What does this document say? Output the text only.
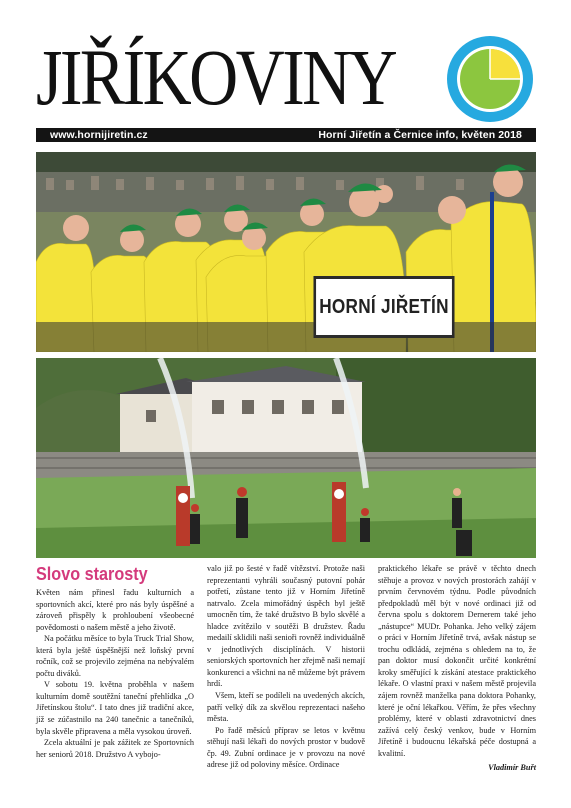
JIŘÍKOVINY
www.hornijiretin.cz	Horní Jiřetín a Černice info, květen 2018
HORNÍ JIŘETÍN
Slovo starosty

Květen nám přinesl řadu kulturních a sportovních akcí, které pro nás byly úspěšné a zároveň přispěly k prohloubení všeobecné povědomosti o našem městě a jeho životě.

Na počátku měsíce to byla Truck Trial Show, která byla ještě úspěšnější než loňský první ročník, což se projevilo zejména na nebývalém počtu diváků.

V sobotu 19. května proběhla v našem kulturním domě soutěžní taneční přehlídka „O Jiřetínskou štolu“. I tato dnes již tradiční akce, jíž se zúčastnilo na 240 tanečnic a tanečníků, byla skvěle připravena a měla vysokou úroveň.

Zcela aktuální je pak zážitek ze Sportovních her seniorů 2018. Družstvo A vybojo-

valo již po šesté v řadě vítězství. Protože naši reprezentanti vyhráli současný putovní pohár potřetí, zůstane tento již v Horním Jiřetíně natrvalo. Zcela mimořádný úspěch byl ještě umocněn tím, že také družstvo B bylo skvělé a hladce zvítězilo v soutěži B družstev. Řadu medailí sklidili naši senioři rovněž individuálně v jednotlivých disciplínách. V historii seniorských sportovních her zřejmě naši nemají konkurenci a všichni na ně můžeme být právem hrdí.

Všem, kteří se podíleli na uvedených akcích, patří velký dík za skvělou reprezentaci našeho města.

Po řadě měsíců příprav se letos v květnu stěhují naši lékaři do nových prostor v budově čp. 49. Zubní ordinace je v provozu na nové adrese již od poloviny měsíce. Ordinace

praktického lékaře se právě v těchto dnech stěhuje a provoz v nových prostorách zahájí v prvním červnovém týdnu. Podle původních předpokladů měl být v nové ordinaci již od června spolu s doktorem Dernerem také jeho „nástupce“ MUDr. Pohanka. Jeho velký zájem o práci v Horním Jiřetíně trvá, avšak nástup se trochu odkládá, zejména s ohledem na to, že pan doktor musí dokončit určité konkrétní kroky směřující k získání atestace praktického lékaře. O vlastní praxi v našem městě projevila zájem rovněž manželka pana doktora Pohanky, které je oční lékařkou. Věřím, že přes všechny problémy, které v oblasti zdravotnictví dnes zažívá celý český venkov, bude v Horním Jiřetíně i budoucnu lékařská péče dostupná a kvalitní.

Vladimír Buřt
